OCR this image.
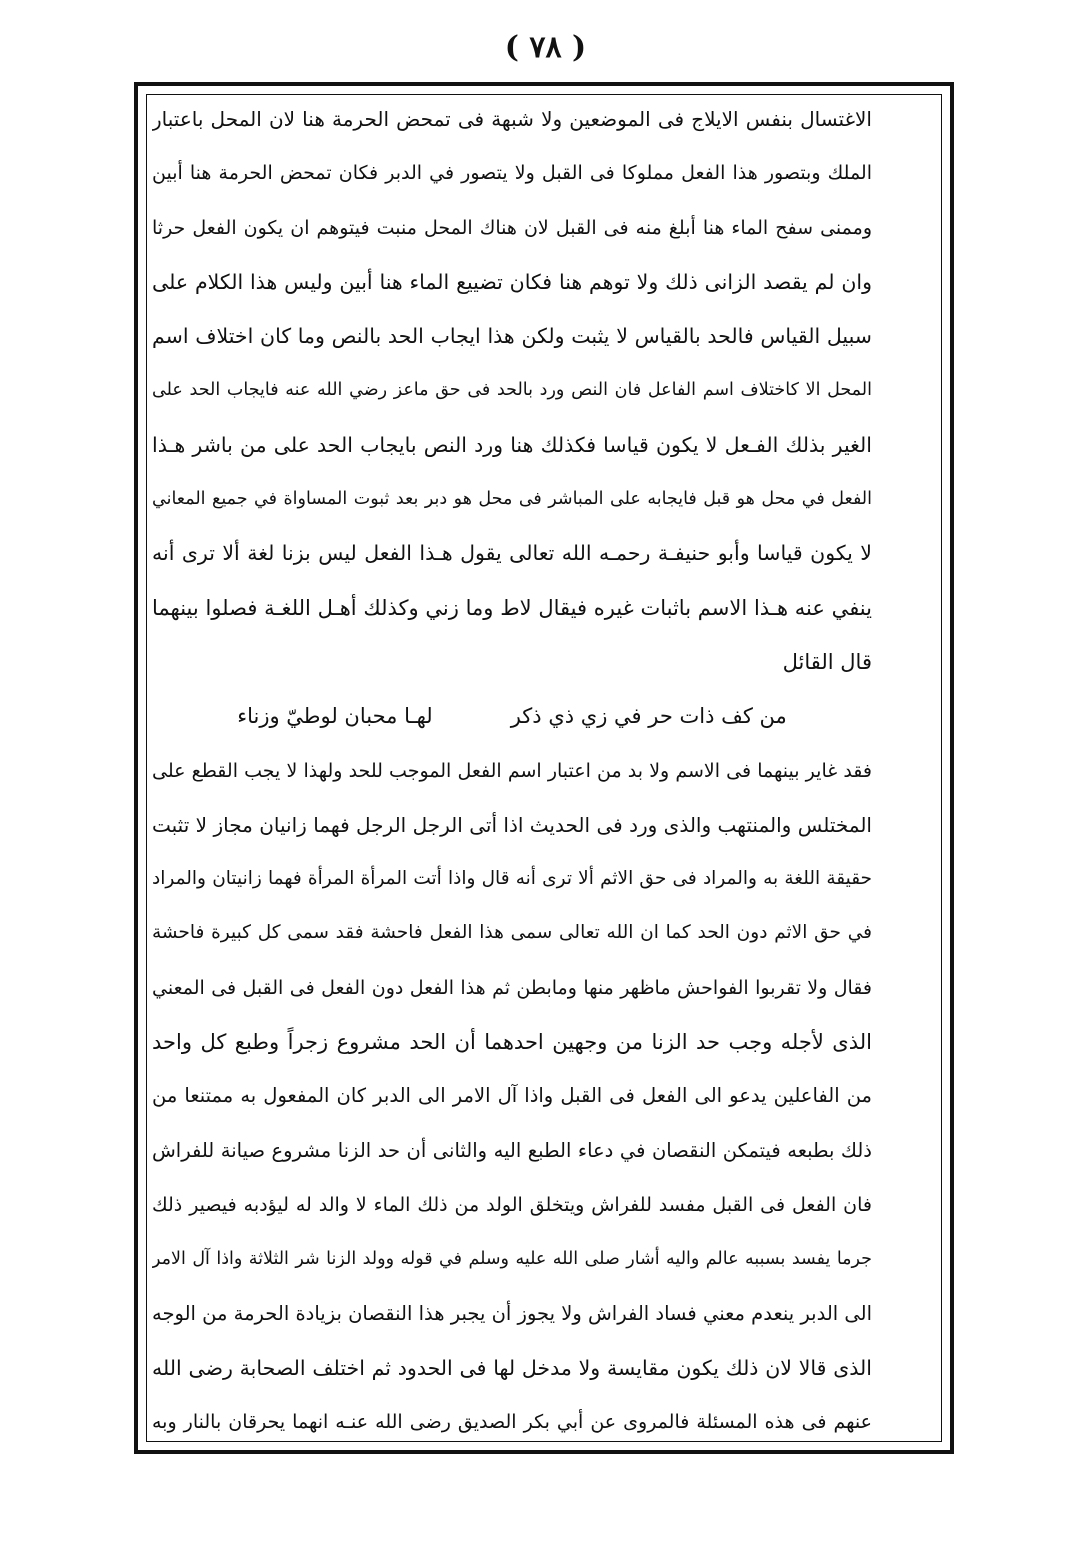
( ٧٨ )
الاغتسال بنفس الايلاج فى الموضعين ولا شبهة فى تمحض الحرمة هنا لان المحل باعتبار
الملك وبتصور هذا الفعل مملوكا فى القبل ولا يتصور في الدبر فكان تمحض الحرمة هنا أبين
وممنى سفح الماء هنا أبلغ منه فى القبل لان هناك المحل منبت فيتوهم ان يكون الفعل حرثا
وان لم يقصد الزانى ذلك ولا توهم هنا فكان تضييع الماء هنا أبين وليس هذا الكلام على
سبيل القياس فالحد بالقياس لا يثبت ولكن هذا ايجاب الحد بالنص وما كان اختلاف اسم
المحل الا كاختلاف اسم الفاعل فان النص ورد بالحد فى حق ماعز رضي الله عنه فايجاب الحد على
الغير بذلك الفـعل لا يكون قياسا فكذلك هنا ورد النص بايجاب الحد على من باشر هـذا
الفعل في محل هو قبل فايجابه على المباشر فى محل هو دبر بعد ثبوت المساواة في جميع المعاني
لا يكون قياسا وأبو حنيفـة رحمـه الله تعالى يقول هـذا الفعل ليس بزنا لغة ألا ترى أنه
ينفي عنه هـذا الاسم باثبات غيره فيقال لاط وما زني وكذلك أهـل اللغـة فصلوا بينهما
قال القائل
من كف ذات حر في زي ذي ذكر
لهـا محبان لوطيّ وزناء
فقد غاير بينهما فى الاسم ولا بد من اعتبار اسم الفعل الموجب للحد ولهذا لا يجب القطع على
المختلس والمنتهب والذى ورد فى الحديث اذا أتى الرجل الرجل فهما زانيان مجاز لا تثبت
حقيقة اللغة به والمراد فى حق الاثم ألا ترى أنه قال واذا أتت المرأة المرأة فهما زانيتان والمراد
في حق الاثم دون الحد كما ان الله تعالى سمى هذا الفعل فاحشة فقد سمى كل كبيرة فاحشة
فقال ولا تقربوا الفواحش ماظهر منها ومابطن ثم هذا الفعل دون الفعل فى القبل فى المعني
الذى لأجله وجب حد الزنا من وجهين احدهما أن الحد مشروع زجراً وطبع كل واحد
من الفاعلين يدعو الى الفعل فى القبل واذا آل الامر الى الدبر كان المفعول به ممتنعا من
ذلك بطبعه فيتمكن النقصان في دعاء الطبع اليه والثانى أن حد الزنا مشروع صيانة للفراش
فان الفعل فى القبل مفسد للفراش ويتخلق الولد من ذلك الماء لا والد له ليؤدبه فيصير ذلك
جرما يفسد بسببه عالم واليه أشار صلى الله عليه وسلم في قوله وولد الزنا شر الثلاثة واذا آل الامر
الى الدبر ينعدم معني فساد الفراش ولا يجوز أن يجبر هذا النقصان بزيادة الحرمة من الوجه
الذى قالا لان ذلك يكون مقايسة ولا مدخل لها فى الحدود ثم اختلف الصحابة رضى الله
عنهم فى هذه المسئلة فالمروى عن أبي بكر الصديق رضى الله عنـه انهما يحرقان بالنار وبه
